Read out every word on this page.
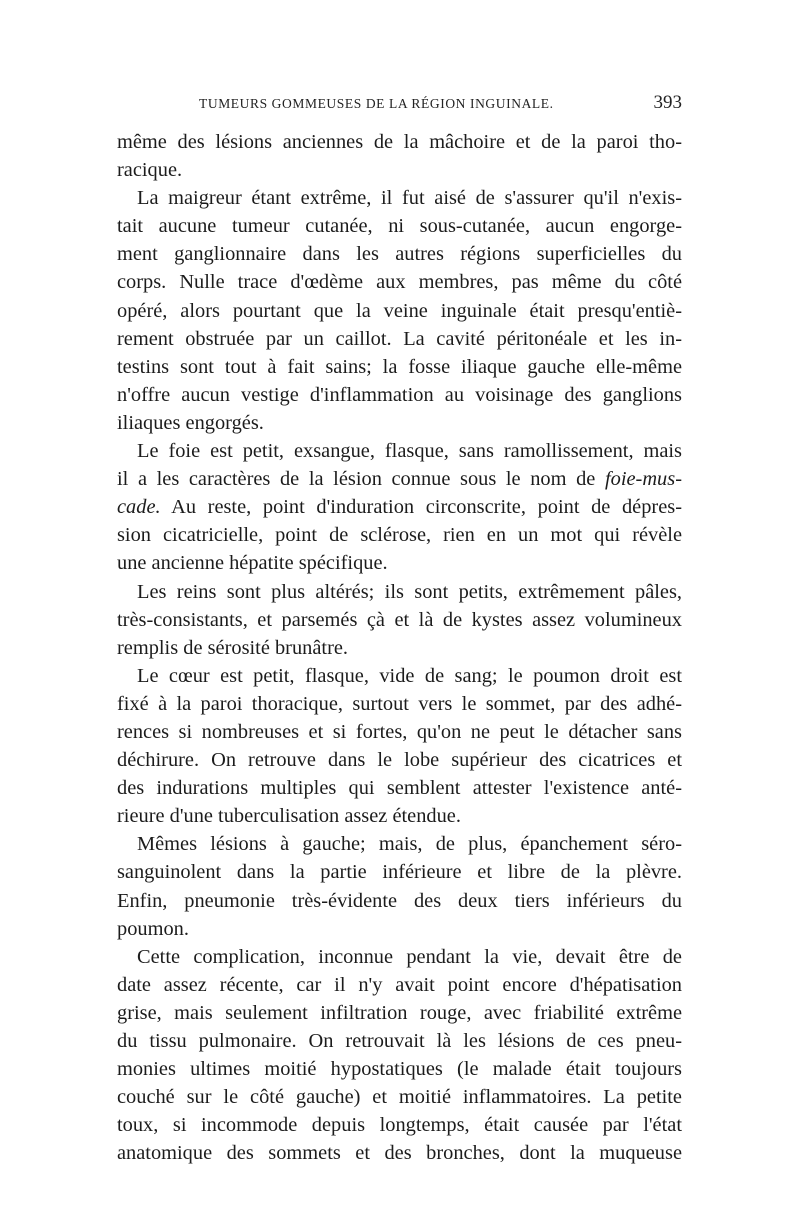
TUMEURS GOMMEUSES DE LA RÉGION INGUINALE.	393
même des lésions anciennes de la mâchoire et de la paroi tho-
racique.
La maigreur étant extrême, il fut aisé de s'assurer qu'il n'exis-
tait aucune tumeur cutanée, ni sous-cutanée, aucun engorge-
ment ganglionnaire dans les autres régions superficielles du
corps. Nulle trace d'œdème aux membres, pas même du côté
opéré, alors pourtant que la veine inguinale était presqu'entiè-
rement obstruée par un caillot. La cavité péritonéale et les in-
testins sont tout à fait sains; la fosse iliaque gauche elle-même
n'offre aucun vestige d'inflammation au voisinage des ganglions
iliaques engorgés.
Le foie est petit, exsangue, flasque, sans ramollissement, mais
il a les caractères de la lésion connue sous le nom de foie-mus-
cade. Au reste, point d'induration circonscrite, point de dépres-
sion cicatricielle, point de sclérose, rien en un mot qui révèle
une ancienne hépatite spécifique.
Les reins sont plus altérés; ils sont petits, extrêmement pâles,
très-consistants, et parsemés çà et là de kystes assez volumineux
remplis de sérosité brunâtre.
Le cœur est petit, flasque, vide de sang; le poumon droit est
fixé à la paroi thoracique, surtout vers le sommet, par des adhé-
rences si nombreuses et si fortes, qu'on ne peut le détacher sans
déchirure. On retrouve dans le lobe supérieur des cicatrices et
des indurations multiples qui semblent attester l'existence anté-
rieure d'une tuberculisation assez étendue.
Mêmes lésions à gauche; mais, de plus, épanchement séro-
sanguinolent dans la partie inférieure et libre de la plèvre.
Enfin, pneumonie très-évidente des deux tiers inférieurs du
poumon.
Cette complication, inconnue pendant la vie, devait être de
date assez récente, car il n'y avait point encore d'hépatisation
grise, mais seulement infiltration rouge, avec friabilité extrême
du tissu pulmonaire. On retrouvait là les lésions de ces pneu-
monies ultimes moitié hypostatiques (le malade était toujours
couché sur le côté gauche) et moitié inflammatoires. La petite
toux, si incommode depuis longtemps, était causée par l'état
anatomique des sommets et des bronches, dont la muqueuse
